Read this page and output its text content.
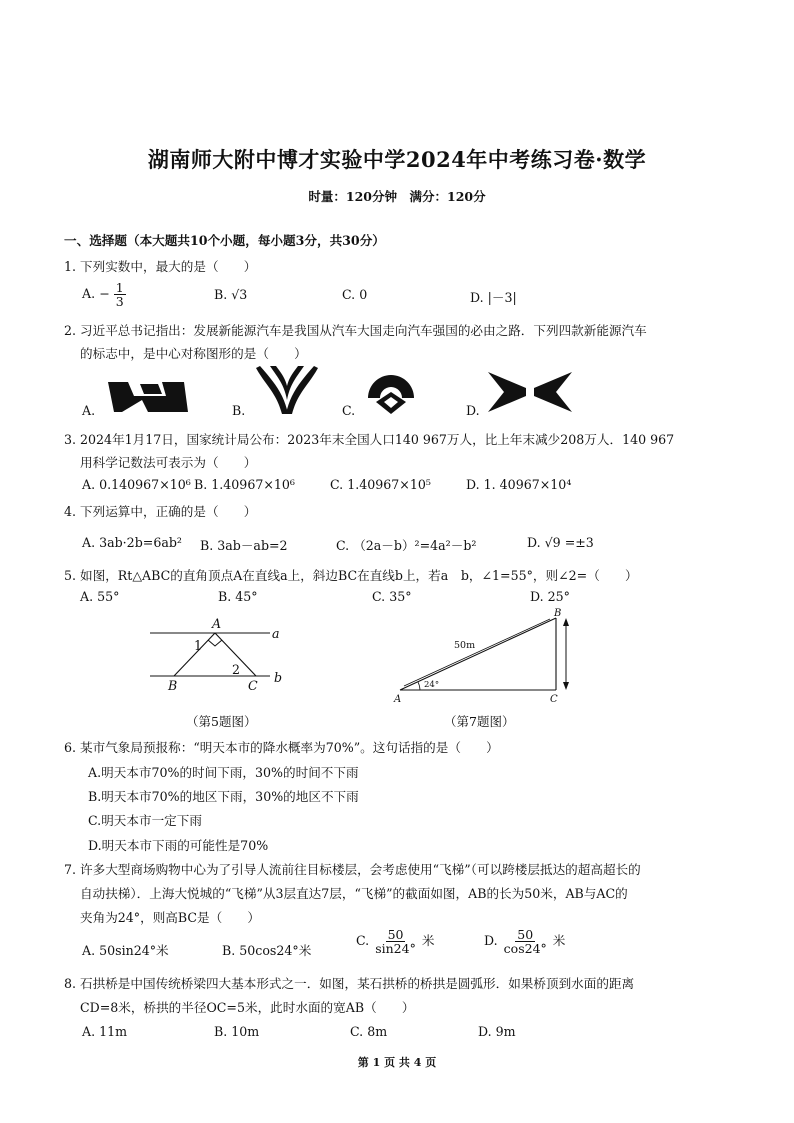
湖南师大附中博才实验中学2024年中考练习卷·数学
时量：120分钟　满分：120分
一、选择题（本大题共10个小题，每小题3分，共30分）
1. 下列实数中，最大的是（　　）
A. − $\frac{1}{3}$	B. √3	C. 0	D. |－3|
2. 习近平总书记指出：发展新能源汽车是我国从汽车大国走向汽车强国的必由之路．下列四款新能源汽车
的标志中，是中心对称图形的是（　　）
A.	B.	C.	D.
3. 2024年1月17日，国家统计局公布：2023年末全国人口140 967万人，比上年末减少208万人．140 967
用科学记数法可表示为（　　）
A. 0.140967×10⁶ B. 1.40967×10⁶	C. 1.40967×10⁵	D. 1. 40967×10⁴
4. 下列运算中，正确的是（　　）
A. 3ab·2b=6ab² B. 3ab－ab=2	C. （2a－b）²=4a²－b²	D. √9 =±3
5. 如图，Rt△ABC的直角顶点A在直线a上，斜边BC在直线b上，若a　b，∠1=55°，则∠2=（　　）
A. 55°	B. 45°	C. 35°	D. 25°
A
a
1
2
B	C
b
B
A	C
50m
24°
（第5题图）	（第7题图）
6. 某市气象局预报称：“明天本市的降水概率为70%”。这句话指的是（　　）
A.明天本市70%的时间下雨，30%的时间不下雨
B.明天本市70%的地区下雨，30%的地区不下雨
C.明天本市一定下雨
D.明天本市下雨的可能性是70%
7. 许多大型商场购物中心为了引导人流前往目标楼层，会考虑使用“飞梯”（可以跨楼层抵达的超高超长的
自动扶梯）．上海大悦城的“飞梯”从3层直达7层，“飞梯”的截面如图，AB的长为50米，AB与AC的
夹角为24°，则高BC是（　　）
A. 50sin24°米	B. 50cos24°米
C. $\frac{50}{\sin 24^\circ}$ 米	D. $\frac{50}{\cos 24^\circ}$ 米
8. 石拱桥是中国传统桥梁四大基本形式之一．如图，某石拱桥的桥拱是圆弧形．如果桥顶到水面的距离
CD=8米，桥拱的半径OC=5米，此时水面的宽AB（　　）
A. 11m	B. 10m	C. 8m	D. 9m
第 1 页 共 4 页
